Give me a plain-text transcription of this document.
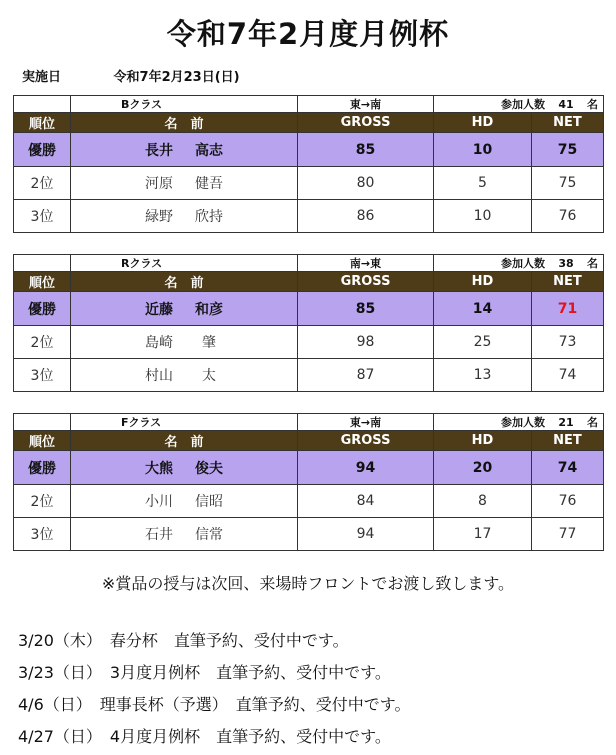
令和7年2月度月例杯
実施日	令和7年2月23日(日)
	Bクラス	東→南	参加人数 41 名	
順位	名　前	GROSS	HD	NET
優勝	長井 高志	85	10	75
2位	河原 健吾	80	5	75
3位	緑野 欣持	86	10	76
	Rクラス	南→東	参加人数 38 名	
順位	名　前	GROSS	HD	NET
優勝	近藤 和彦	85	14	71
2位	島崎 肇	98	25	73
3位	村山 太	87	13	74
	Fクラス	東→南	参加人数 21 名	
順位	名　前	GROSS	HD	NET
優勝	大熊 俊夫	94	20	74
2位	小川 信昭	84	8	76
3位	石井 信常	94	17	77
※賞品の授与は次回、来場時フロントでお渡し致します。
3/20（木）　春分杯　直筆予約、受付中です。
3/23（日）　3月度月例杯　直筆予約、受付中です。
4/6（日）　理事長杯（予選）　直筆予約、受付中です。
4/27（日）　4月度月例杯　直筆予約、受付中です。
